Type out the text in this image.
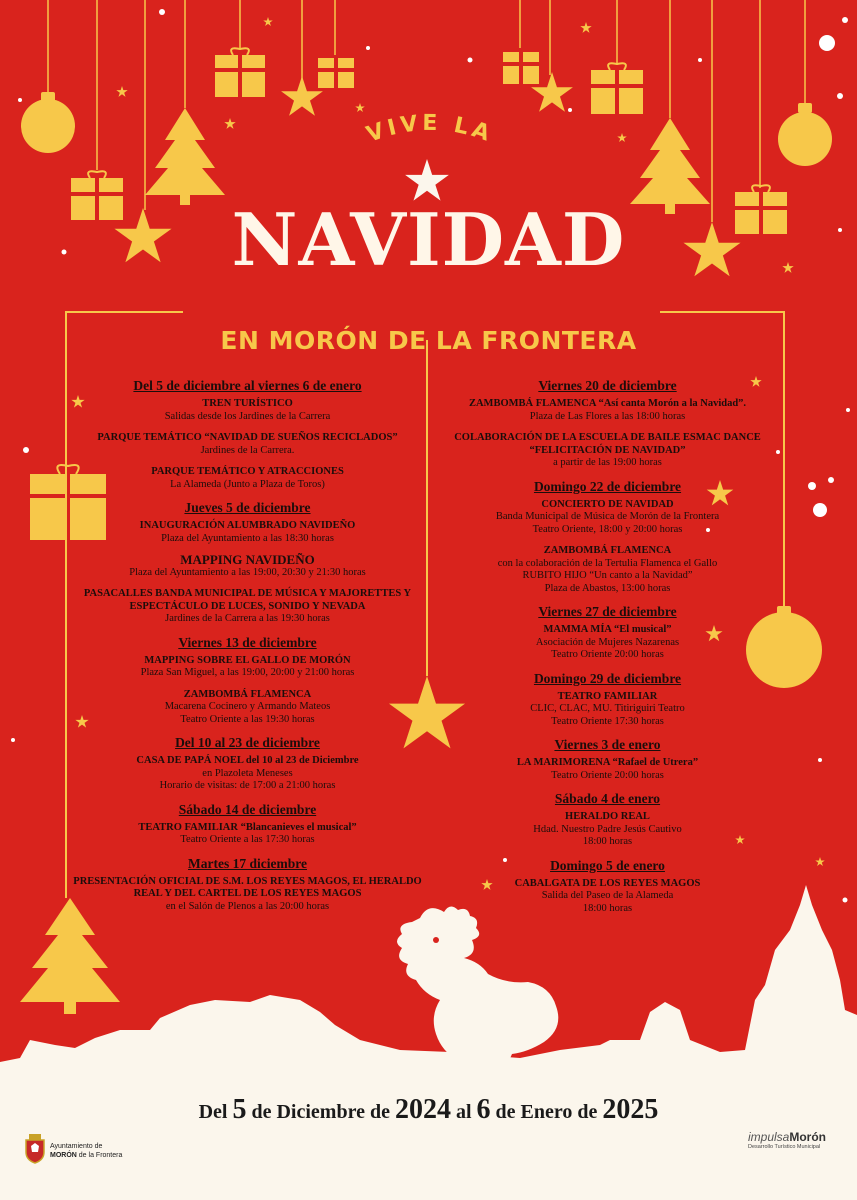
VIVE LA
NAVIDAD
EN MORÓN DE LA FRONTERA
Del 5 de diciembre al viernes 6 de enero
TREN TURÍSTICO
Salidas desde los Jardines de la Carrera
PARQUE TEMÁTICO “NAVIDAD DE SUEÑOS RECICLADOS”
Jardines de la Carrera.
PARQUE TEMÁTICO Y ATRACCIONES
La Alameda (Junto a Plaza de Toros)
Jueves 5 de diciembre
INAUGURACIÓN ALUMBRADO NAVIDEÑO
Plaza del Ayuntamiento a las 18:30 horas
MAPPING NAVIDEÑO
Plaza del Ayuntamiento a las 19:00, 20:30 y 21:30 horas
PASACALLES BANDA MUNICIPAL DE MÚSICA Y MAJORETTES Y ESPECTÁCULO DE LUCES, SONIDO Y NEVADA
Jardines de la Carrera a las 19:30 horas
Viernes 13 de diciembre
MAPPING SOBRE EL GALLO DE MORÓN
Plaza San Miguel, a las 19:00, 20:00 y 21:00 horas
ZAMBOMBÁ FLAMENCA
Macarena Cocinero y Armando Mateos
Teatro Oriente a las 19:30 horas
Del 10 al 23 de diciembre
CASA DE PAPÁ NOEL del 10 al 23 de Diciembre
en Plazoleta Meneses
Horario de visitas: de 17:00 a 21:00 horas
Sábado 14 de diciembre
TEATRO FAMILIAR “Blancanieves el musical”
Teatro Oriente a las 17:30 horas
Martes 17 diciembre
PRESENTACIÓN OFICIAL DE S.M. LOS REYES MAGOS, EL HERALDO REAL Y DEL CARTEL DE LOS REYES MAGOS
en el Salón de Plenos a las 20:00 horas
Viernes 20 de diciembre
ZAMBOMBÁ FLAMENCA “Así canta Morón a la Navidad”.
Plaza de Las Flores a las 18:00 horas
COLABORACIÓN DE LA ESCUELA DE BAILE ESMAC DANCE “FELICITACIÓN DE NAVIDAD”
a partir de las 19:00 horas
Domingo 22 de diciembre
CONCIERTO DE NAVIDAD
Banda Municipal de Música de Morón de la Frontera
Teatro Oriente, 18:00 y 20:00 horas
ZAMBOMBÁ FLAMENCA
con la colaboración de la Tertulia Flamenca el Gallo
RUBITO HIJO “Un canto a la Navidad”
Plaza de Abastos, 13:00 horas
Viernes 27 de diciembre
MAMMA MÍA “El musical”
Asociación de Mujeres Nazarenas
Teatro Oriente 20:00 horas
Domingo 29 de diciembre
TEATRO FAMILIAR
CLIC, CLAC, MU. Titiriguiri Teatro
Teatro Oriente 17:30 horas
Viernes 3 de enero
LA MARIMORENA “Rafael de Utrera”
Teatro Oriente 20:00 horas
Sábado 4 de enero
HERALDO REAL
Hdad. Nuestro Padre Jesús Cautivo
18:00 horas
Domingo 5 de enero
CABALGATA DE LOS REYES MAGOS
Salida del Paseo de la Alameda
18:00 horas
Del 5 de Diciembre de 2024 al 6 de Enero de 2025
Ayuntamiento de
MORÓN de la Frontera
impulsaMorón
Desarrollo Turístico Municipal
